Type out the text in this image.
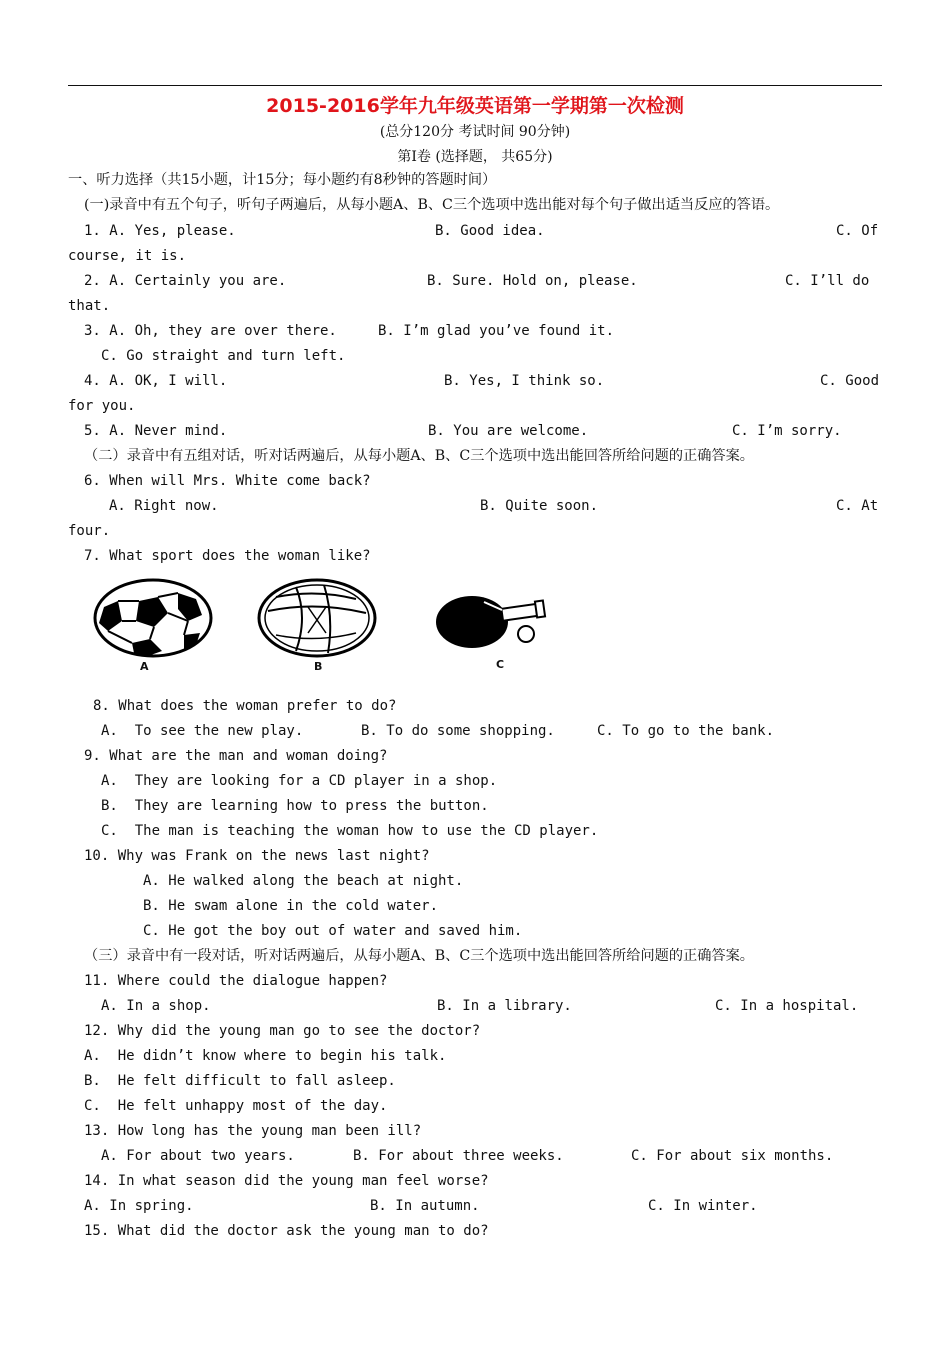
2015-2016学年九年级英语第一学期第一次检测
(总分120分 考试时间 90分钟)
第Ⅰ卷 (选择题， 共65分)
一、听力选择（共15小题，计15分；每小题约有8秒钟的答题时间）
(一)录音中有五个句子，听句子两遍后，从每小题A、B、C三个选项中选出能对每个句子做出适当反应的答语。
1. A. Yes, please.	B. Good idea.	C. Of
course, it is.
2. A. Certainly you are.	B. Sure. Hold on, please.	C. I’ll do
that.
3. A. Oh, they are over there.	B. I’m glad you’ve found it.
C. Go straight and turn left.
4. A. OK, I will.	B. Yes, I think so.	C. Good
for you.
5. A. Never mind.	B. You are welcome.	C. I’m sorry.
（二）录音中有五组对话，听对话两遍后，从每小题A、B、C三个选项中选出能回答所给问题的正确答案。
6. When will Mrs. White come back?
A. Right now.	B. Quite soon.	C. At
four.
7. What sport does the woman like?
A	B	C
8. What does the woman prefer to do?
A.  To see the new play.	B. To do some shopping.	C. To go to the bank.
9. What are the man and woman doing?
A.  They are looking for a CD player in a shop.
B.  They are learning how to press the button.
C.  The man is teaching the woman how to use the CD player.
10. Why was Frank on the news last night?
A. He walked along the beach at night.
B. He swam alone in the cold water.
C. He got the boy out of water and saved him.
（三）录音中有一段对话，听对话两遍后，从每小题A、B、C三个选项中选出能回答所给问题的正确答案。
11. Where could the dialogue happen?
A. In a shop.	B. In a library.	C. In a hospital.
12. Why did the young man go to see the doctor?
A.  He didn’t know where to begin his talk.
B.  He felt difficult to fall asleep.
C.  He felt unhappy most of the day.
13. How long has the young man been ill?
A. For about two years.	B. For about three weeks.	C. For about six months.
14. In what season did the young man feel worse?
A. In spring.	B. In autumn.	C. In winter.
15. What did the doctor ask the young man to do?
